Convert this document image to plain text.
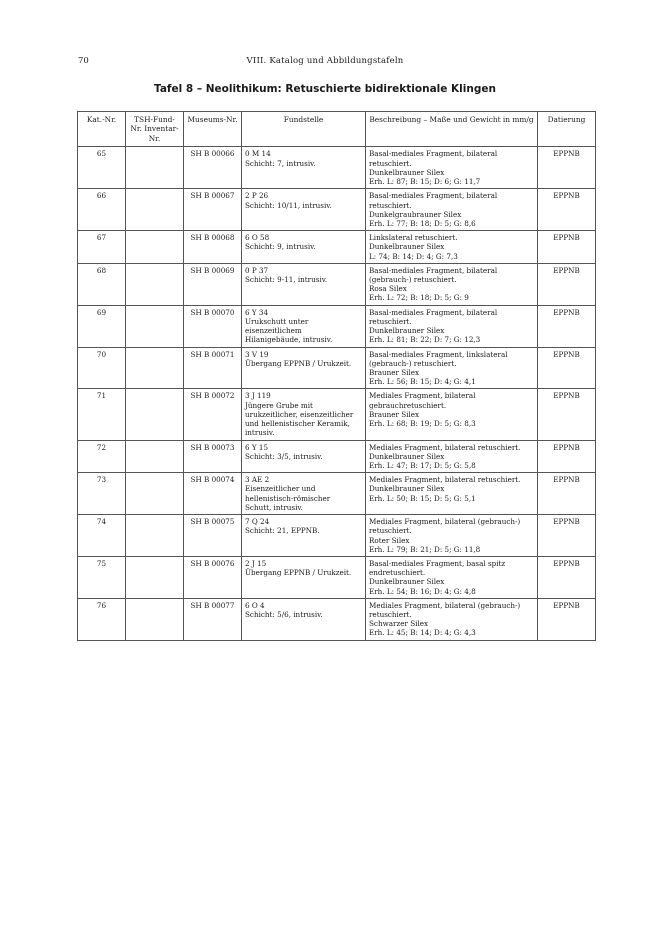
70	VIII. Katalog und Abbildungstafeln
Tafel 8 – Neolithikum: Retuschierte bidirektionale Klingen
Kat.-Nr.	TSH-Fund-Nr. Inventar-Nr.	Museums-Nr.	Fundstelle	Beschreibung – Maße und Gewicht in mm/g	Datierung
65		SH B 00066	0 M 14
Schicht: 7, intrusiv.	Basal-mediales Fragment, bilateral
retuschiert.
Dunkelbrauner Silex
Erh. L: 87; B: 15; D: 6; G: 11,7	EPPNB
66		SH B 00067	2 P 26
Schicht: 10/11, intrusiv.	Basal-mediales Fragment, bilateral
retuschiert.
Dunkelgraubrauner Silex
Erh. L: 77; B: 18; D: 5; G: 8,6	EPPNB
67		SH B 00068	6 O 58
Schicht: 9, intrusiv.	Linkslateral retuschiert.
Dunkelbrauner Silex
L: 74; B: 14; D: 4; G: 7,3	EPPNB
68		SH B 00069	0 P 37
Schicht: 9-11, intrusiv.	Basal-mediales Fragment, bilateral
(gebrauch-) retuschiert.
Rosa Silex
Erh. L: 72; B: 18; D: 5; G: 9	EPPNB
69		SH B 00070	6 Y 34
Urukschutt unter
eisenzeitlichem
Hilanigebäude, intrusiv.	Basal-mediales Fragment, bilateral
retuschiert.
Dunkelbrauner Silex
Erh. L: 81; B: 22; D: 7; G: 12,3	EPPNB
70		SH B 00071	3 V 19
Übergang EPPNB / Urukzeit.	Basal-mediales Fragment, linkslateral
(gebrauch-) retuschiert.
Brauner Silex
Erh. L: 56; B: 15; D: 4; G: 4,1	EPPNB
71		SH B 00072	3 J 119
Jüngere Grube mit
urukzeitlicher, eisenzeitlicher
und hellenistischer Keramik,
intrusiv.	Mediales Fragment, bilateral
gebrauchretuschiert.
Brauner Silex
Erh. L: 68; B: 19; D: 5; G: 8,3	EPPNB
72		SH B 00073	6 Y 15
Schicht: 3/5, intrusiv.	Mediales Fragment, bilateral retuschiert.
Dunkelbrauner Silex
Erh. L: 47; B: 17; D: 5; G: 5,8	EPPNB
73		SH B 00074	3 AE 2
Eisenzeitlicher und
hellenistisch-römischer
Schutt, intrusiv.	Mediales Fragment, bilateral retuschiert.
Dunkelbrauner Silex
Erh. L: 50; B: 15; D: 5; G: 5,1	EPPNB
74		SH B 00075	7 Q 24
Schicht: 21, EPPNB.	Mediales Fragment, bilateral (gebrauch-)
retuschiert.
Roter Silex
Erh. L: 79; B: 21; D: 5; G: 11,8	EPPNB
75		SH B 00076	2 J 15
Übergang EPPNB / Urukzeit.	Basal-mediales Fragment, basal spitz
endretuschiert.
Dunkelbrauner Silex
Erh. L: 54; B: 16; D: 4; G: 4,8	EPPNB
76		SH B 00077	6 O 4
Schicht: 5/6, intrusiv.	Mediales Fragment, bilateral (gebrauch-)
retuschiert.
Schwarzer Silex
Erh. L: 45; B: 14; D: 4; G: 4,3	EPPNB
